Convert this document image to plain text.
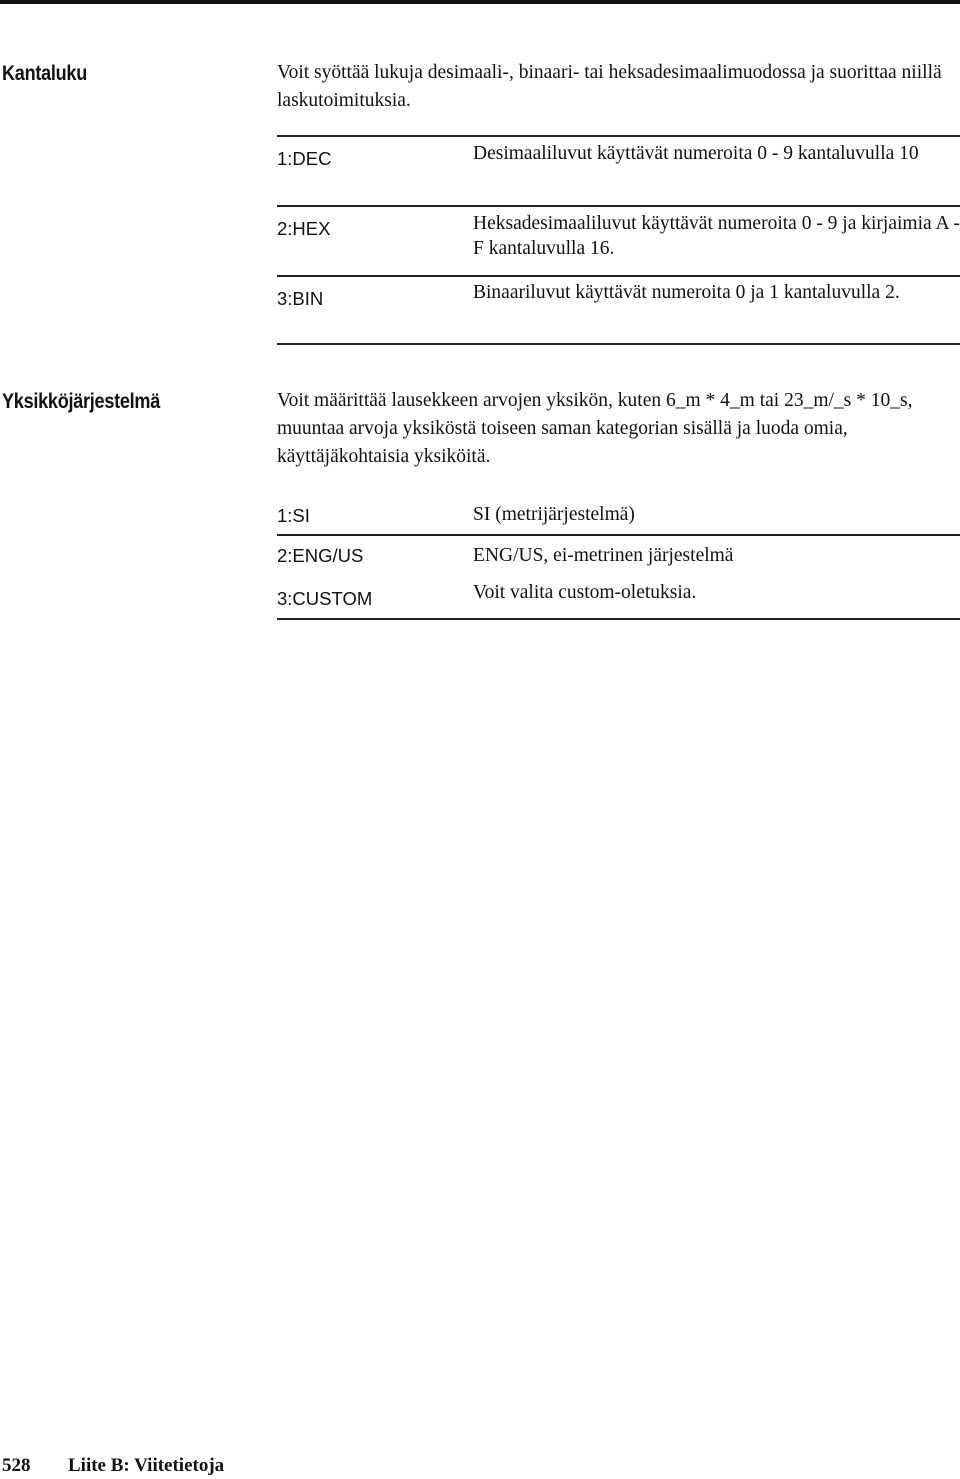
Kantaluku	Voit syöttää lukuja desimaali-, binaari- tai heksadesimaalimuodossa ja suorittaa niillä laskutoimituksia.
1:DEC	Desimaaliluvut käyttävät numeroita 0 - 9 kantaluvulla 10
2:HEX	Heksadesimaaliluvut käyttävät numeroita 0 - 9 ja kirjaimia A - F kantaluvulla 16.
3:BIN	Binaariluvut käyttävät numeroita 0 ja 1 kantaluvulla 2.
Yksikköjärjestelmä	Voit määrittää lausekkeen arvojen yksikön, kuten 6_m * 4_m tai 23_m/_s * 10_s, muuntaa arvoja yksiköstä toiseen saman kategorian sisällä ja luoda omia, käyttäjäkohtaisia yksiköitä.
1:SI	SI (metrijärjestelmä)
2:ENG/US	ENG/US, ei-metrinen järjestelmä
3:CUSTOM	Voit valita custom-oletuksia.
528 Liite B: Viitetietoja
